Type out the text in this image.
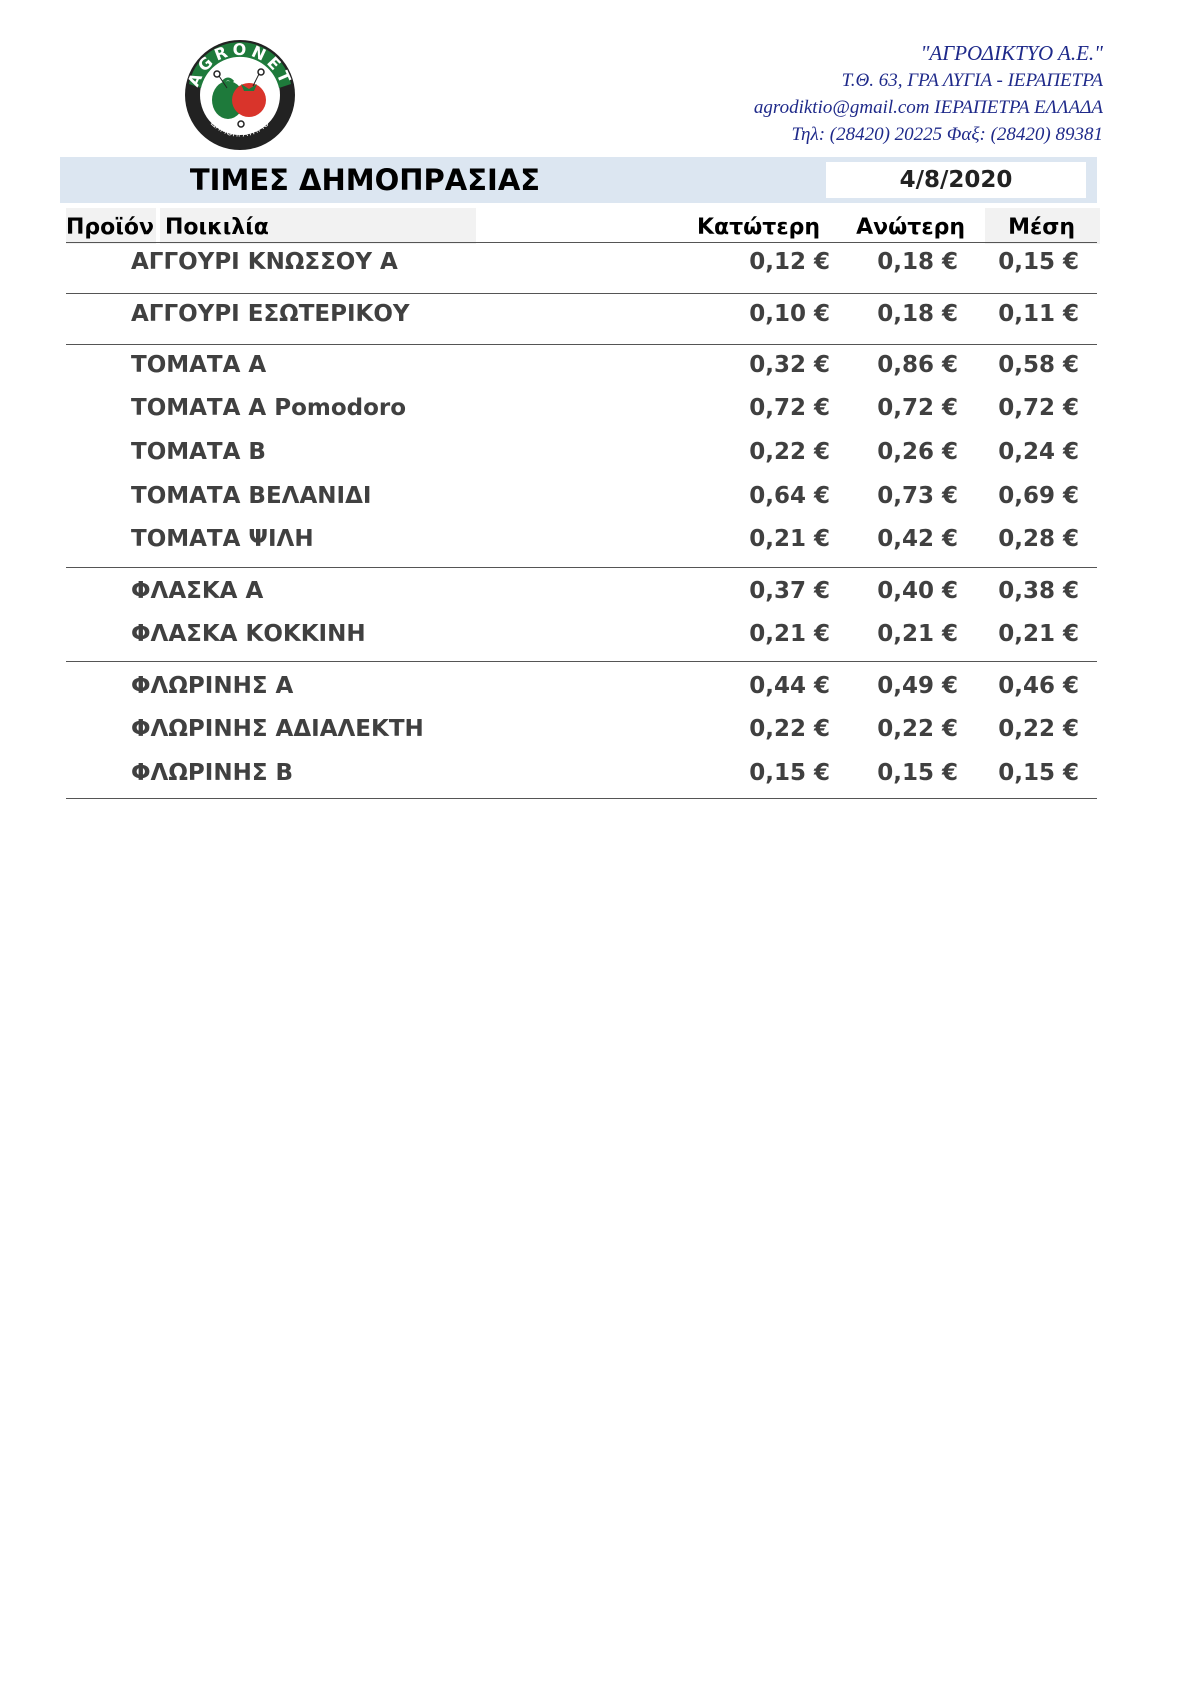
AGRONET
ΔΗΜΟΠΡΑΤΗΡΙΟ
"ΑΓΡΟΔΙΚΤΥΟ Α.Ε."
Τ.Θ. 63, ΓΡΑ ΛΥΓΙΑ - ΙΕΡΑΠΕΤΡΑ
agrodiktio@gmail.com ΙΕΡΑΠΕΤΡΑ ΕΛΛΑΔΑ
Τηλ: (28420) 20225 Φαξ: (28420) 89381
ΤΙΜΕΣ ΔΗΜΟΠΡΑΣΙΑΣ	4/8/2020
Προϊόν Ποικιλία	Κατώτερη	Ανώτερη	Μέση
ΑΓΓΟΥΡΙ ΚΝΩΣΣΟΥ Α	0,12 €	0,18 €	0,15 €
ΑΓΓΟΥΡΙ ΕΣΩΤΕΡΙΚΟΥ	0,10 €	0,18 €	0,11 €
ΤΟΜΑΤΑ Α	0,32 €	0,86 €	0,58 €
ΤΟΜΑΤΑ Α Pomodoro	0,72 €	0,72 €	0,72 €
ΤΟΜΑΤΑ Β	0,22 €	0,26 €	0,24 €
ΤΟΜΑΤΑ ΒΕΛΑΝΙΔΙ	0,64 €	0,73 €	0,69 €
ΤΟΜΑΤΑ ΨΙΛΗ	0,21 €	0,42 €	0,28 €
ΦΛΑΣΚΑ Α	0,37 €	0,40 €	0,38 €
ΦΛΑΣΚΑ ΚΟΚΚΙΝΗ	0,21 €	0,21 €	0,21 €
ΦΛΩΡΙΝΗΣ Α	0,44 €	0,49 €	0,46 €
ΦΛΩΡΙΝΗΣ ΑΔΙΑΛΕΚΤΗ	0,22 €	0,22 €	0,22 €
ΦΛΩΡΙΝΗΣ Β	0,15 €	0,15 €	0,15 €
